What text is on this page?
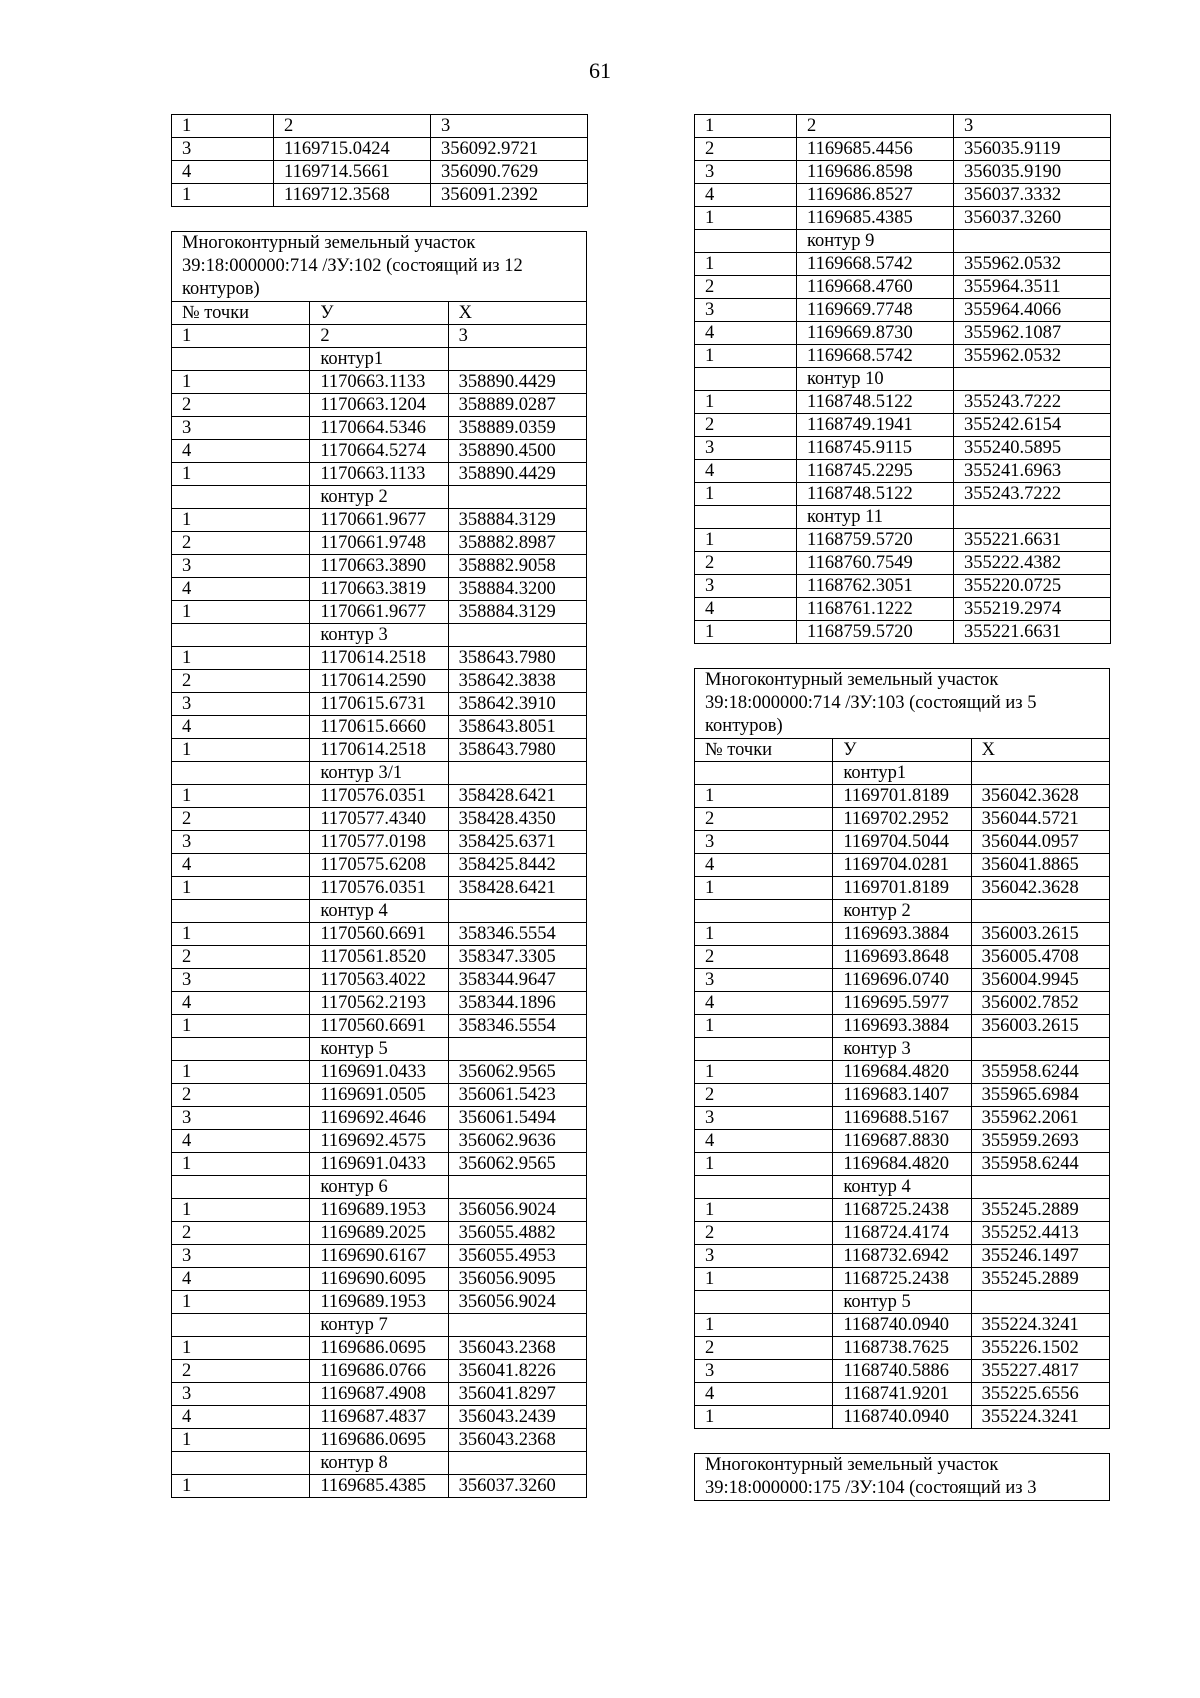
61
1	2	3
3	1169715.0424	356092.9721
4	1169714.5661	356090.7629
1	1169712.3568	356091.2392
Многоконтурный земельный участок
39:18:000000:714 /ЗУ:102 (состоящий из 12
контуров)		

№ точки	У	Х
1	2	3
	контур1	
1	1170663.1133	358890.4429
2	1170663.1204	358889.0287
3	1170664.5346	358889.0359
4	1170664.5274	358890.4500
1	1170663.1133	358890.4429
	контур 2	
1	1170661.9677	358884.3129
2	1170661.9748	358882.8987
3	1170663.3890	358882.9058
4	1170663.3819	358884.3200
1	1170661.9677	358884.3129
	контур 3	
1	1170614.2518	358643.7980
2	1170614.2590	358642.3838
3	1170615.6731	358642.3910
4	1170615.6660	358643.8051
1	1170614.2518	358643.7980
	контур 3/1	
1	1170576.0351	358428.6421
2	1170577.4340	358428.4350
3	1170577.0198	358425.6371
4	1170575.6208	358425.8442
1	1170576.0351	358428.6421
	контур 4	
1	1170560.6691	358346.5554
2	1170561.8520	358347.3305
3	1170563.4022	358344.9647
4	1170562.2193	358344.1896
1	1170560.6691	358346.5554
	контур 5	
1	1169691.0433	356062.9565
2	1169691.0505	356061.5423
3	1169692.4646	356061.5494
4	1169692.4575	356062.9636
1	1169691.0433	356062.9565
	контур 6	
1	1169689.1953	356056.9024
2	1169689.2025	356055.4882
3	1169690.6167	356055.4953
4	1169690.6095	356056.9095
1	1169689.1953	356056.9024
	контур 7	
1	1169686.0695	356043.2368
2	1169686.0766	356041.8226
3	1169687.4908	356041.8297
4	1169687.4837	356043.2439
1	1169686.0695	356043.2368
	контур 8	
1	1169685.4385	356037.3260
1	2	3
2	1169685.4456	356035.9119
3	1169686.8598	356035.9190
4	1169686.8527	356037.3332
1	1169685.4385	356037.3260
	контур 9	
1	1169668.5742	355962.0532
2	1169668.4760	355964.3511
3	1169669.7748	355964.4066
4	1169669.8730	355962.1087
1	1169668.5742	355962.0532
	контур 10	
1	1168748.5122	355243.7222
2	1168749.1941	355242.6154
3	1168745.9115	355240.5895
4	1168745.2295	355241.6963
1	1168748.5122	355243.7222
	контур 11	
1	1168759.5720	355221.6631
2	1168760.7549	355222.4382
3	1168762.3051	355220.0725
4	1168761.1222	355219.2974
1	1168759.5720	355221.6631
Многоконтурный земельный участок
39:18:000000:714 /ЗУ:103 (состоящий из 5
контуров)		

№ точки	У	Х
	контур1	
1	1169701.8189	356042.3628
2	1169702.2952	356044.5721
3	1169704.5044	356044.0957
4	1169704.0281	356041.8865
1	1169701.8189	356042.3628
	контур 2	
1	1169693.3884	356003.2615
2	1169693.8648	356005.4708
3	1169696.0740	356004.9945
4	1169695.5977	356002.7852
1	1169693.3884	356003.2615
	контур 3	
1	1169684.4820	355958.6244
2	1169683.1407	355965.6984
3	1169688.5167	355962.2061
4	1169687.8830	355959.2693
1	1169684.4820	355958.6244
	контур 4	
1	1168725.2438	355245.2889
2	1168724.4174	355252.4413
3	1168732.6942	355246.1497
1	1168725.2438	355245.2889
	контур 5	
1	1168740.0940	355224.3241
2	1168738.7625	355226.1502
3	1168740.5886	355227.4817
4	1168741.9201	355225.6556
1	1168740.0940	355224.3241
Многоконтурный земельный участок
39:18:000000:175 /ЗУ:104 (состоящий из 3
